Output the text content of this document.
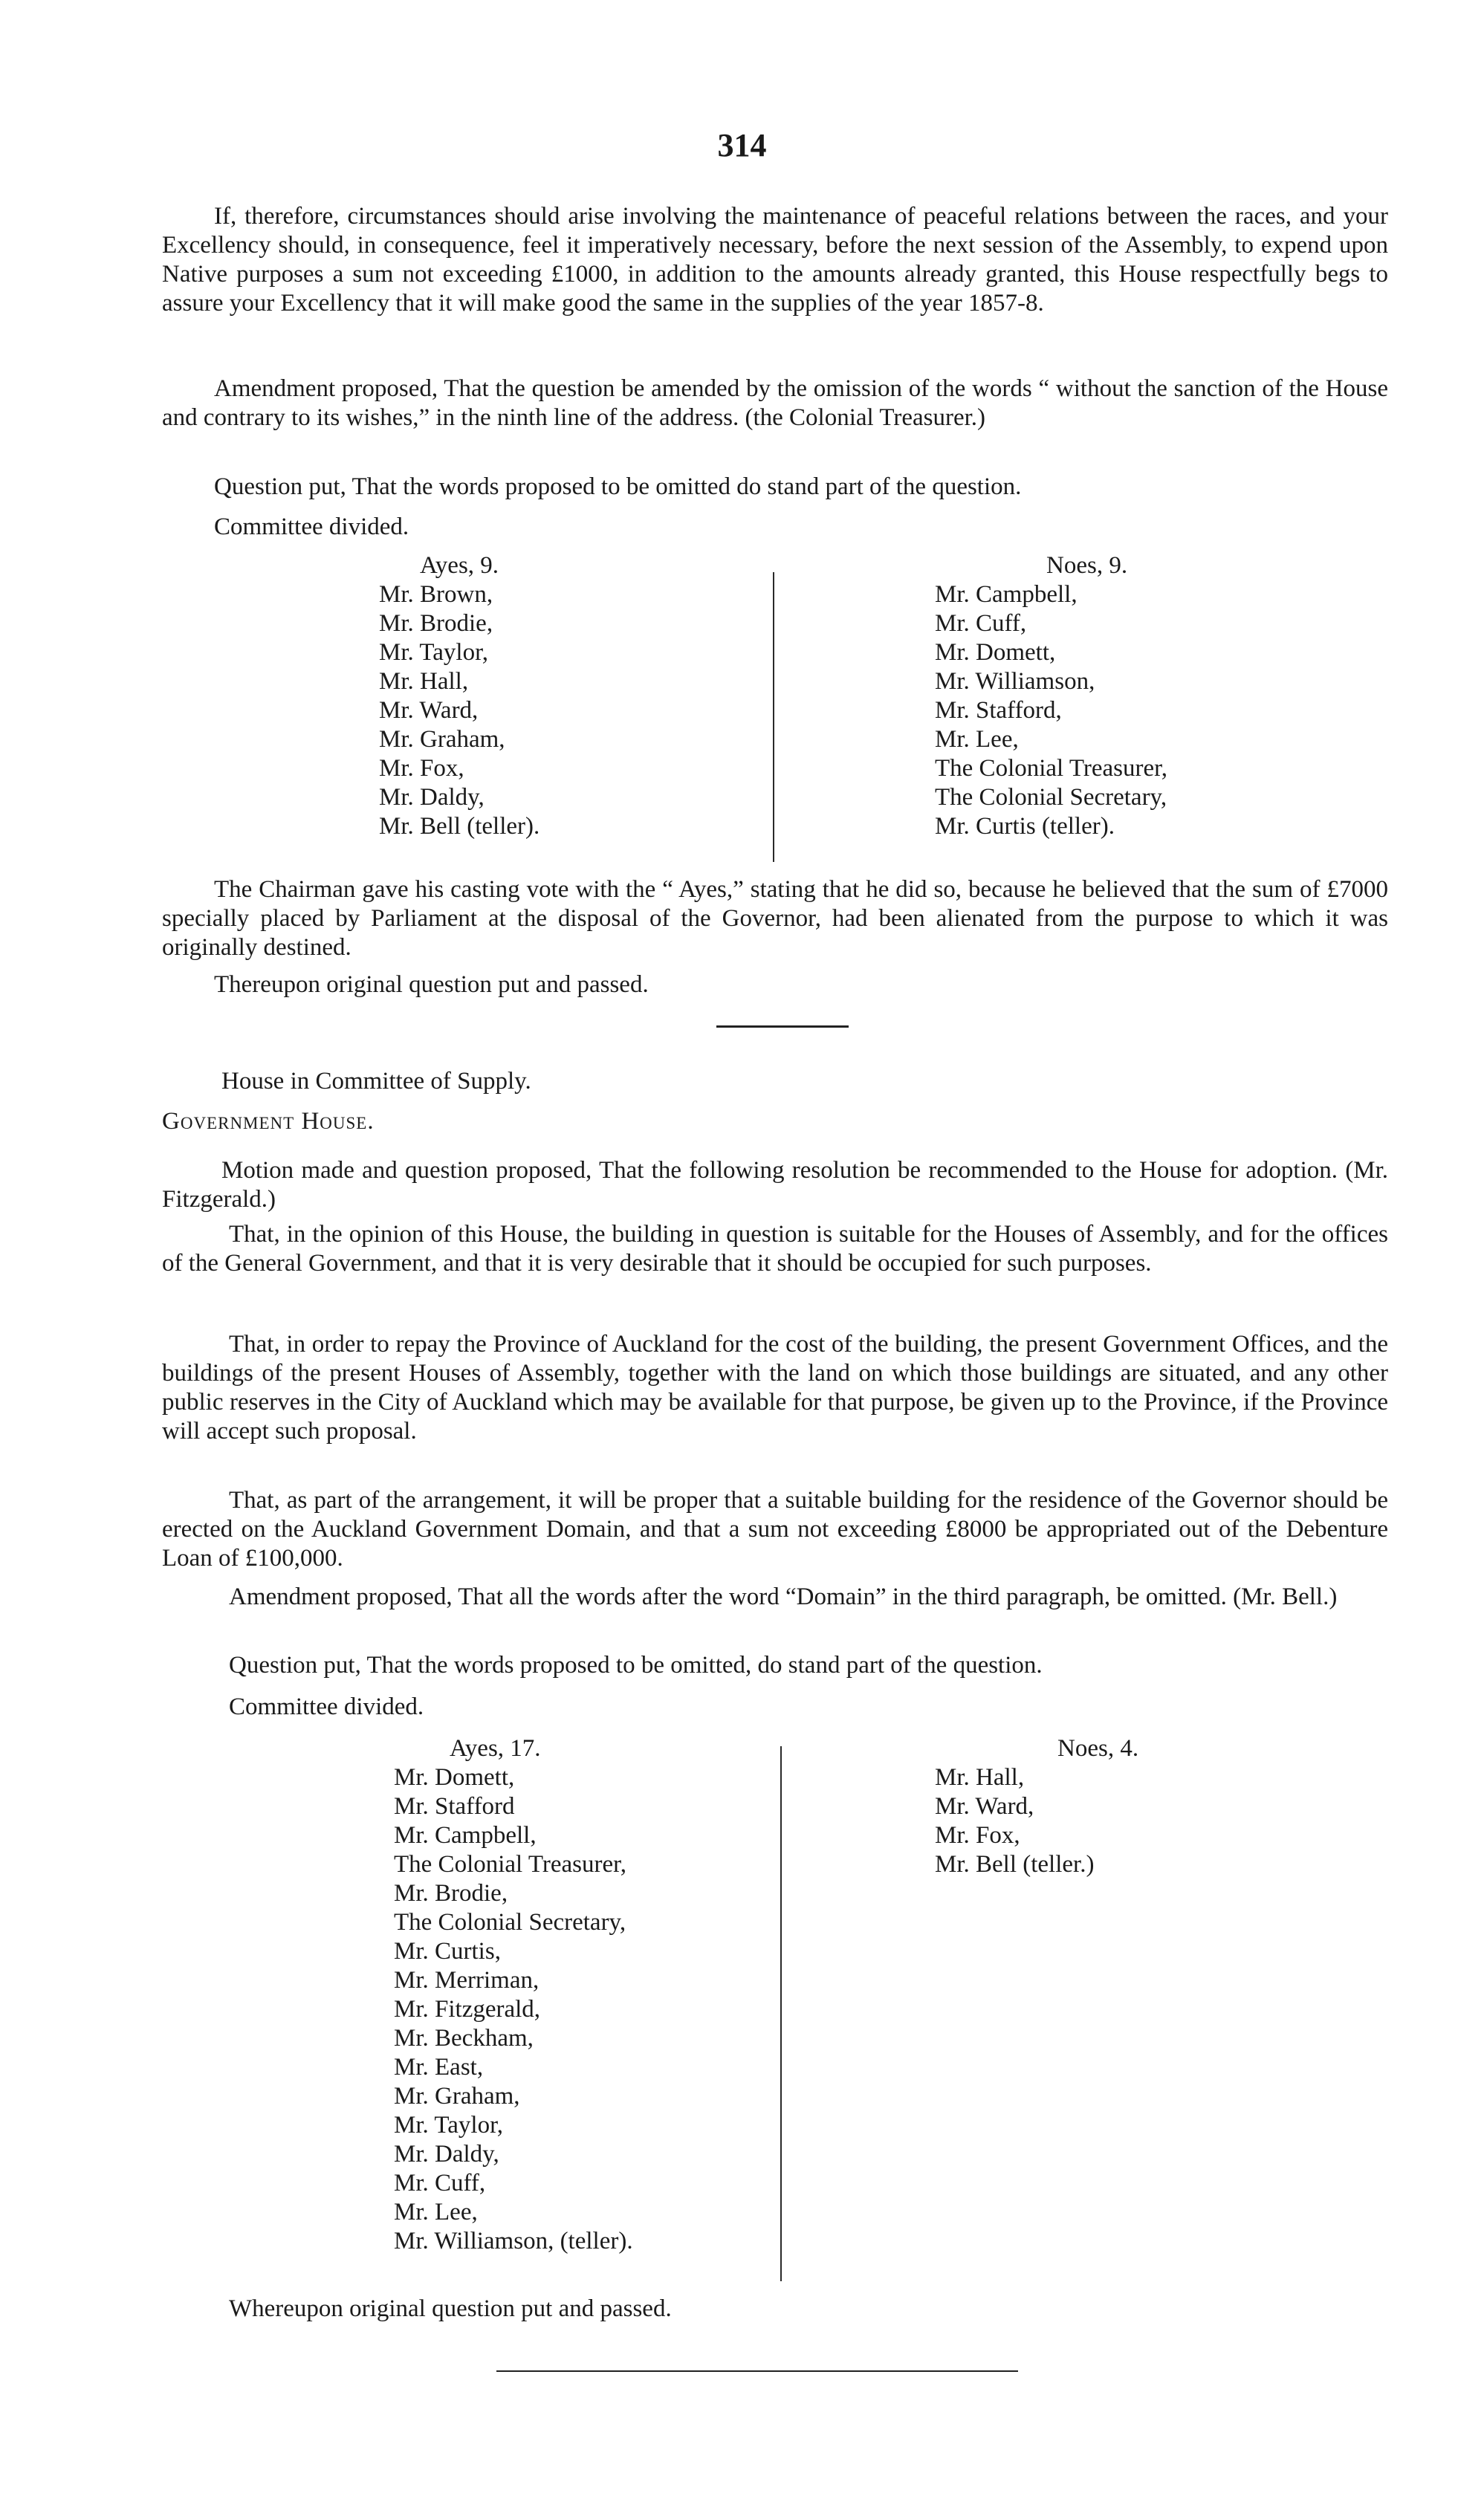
314
If, therefore, circumstances should arise involving the maintenance of peaceful relations between the races, and your Excellency should, in consequence, feel it imperatively necessary, before the next session of the Assembly, to expend upon Native purposes a sum not exceeding £1000, in addition to the amounts already granted, this House respectfully begs to assure your Excellency that it will make good the same in the supplies of the year 1857-8.
Amendment proposed, That the question be amended by the omission of the words “ without the sanction of the House and contrary to its wishes,” in the ninth line of the address. (the Colonial Treasurer.)
Question put, That the words proposed to be omitted do stand part of the question.
Committee divided.
Ayes, 9.
Mr. Brown,
Mr. Brodie,
Mr. Taylor,
Mr. Hall,
Mr. Ward,
Mr. Graham,
Mr. Fox,
Mr. Daldy,
Mr. Bell (teller).
Noes, 9.
Mr. Campbell,
Mr. Cuff,
Mr. Domett,
Mr. Williamson,
Mr. Stafford,
Mr. Lee,
The Colonial Treasurer,
The Colonial Secretary,
Mr. Curtis (teller).
The Chairman gave his casting vote with the “ Ayes,” stating that he did so, because he believed that the sum of £7000 specially placed by Parliament at the disposal of the Governor, had been alienated from the purpose to which it was originally destined.
Thereupon original question put and passed.
House in Committee of Supply.
Government House.
Motion made and question proposed, That the following resolution be recommended to the House for adoption. (Mr. Fitzgerald.)
That, in the opinion of this House, the building in question is suitable for the Houses of Assembly, and for the offices of the General Government, and that it is very desirable that it should be occupied for such purposes.
That, in order to repay the Province of Auckland for the cost of the building, the present Government Offices, and the buildings of the present Houses of Assembly, together with the land on which those buildings are situated, and any other public reserves in the City of Auckland which may be available for that purpose, be given up to the Province, if the Province will accept such proposal.
That, as part of the arrangement, it will be proper that a suitable building for the residence of the Governor should be erected on the Auckland Government Domain, and that a sum not exceeding £8000 be appropriated out of the Debenture Loan of £100,000.
Amendment proposed, That all the words after the word “Domain” in the third paragraph, be omitted. (Mr. Bell.)
Question put, That the words proposed to be omitted, do stand part of the question.
Committee divided.
Ayes, 17.
Mr. Domett,
Mr. Stafford
Mr. Campbell,
The Colonial Treasurer,
Mr. Brodie,
The Colonial Secretary,
Mr. Curtis,
Mr. Merriman,
Mr. Fitzgerald,
Mr. Beckham,
Mr. East,
Mr. Graham,
Mr. Taylor,
Mr. Daldy,
Mr. Cuff,
Mr. Lee,
Mr. Williamson, (teller).
Noes, 4.
Mr. Hall,
Mr. Ward,
Mr. Fox,
Mr. Bell (teller.)
Whereupon original question put and passed.
